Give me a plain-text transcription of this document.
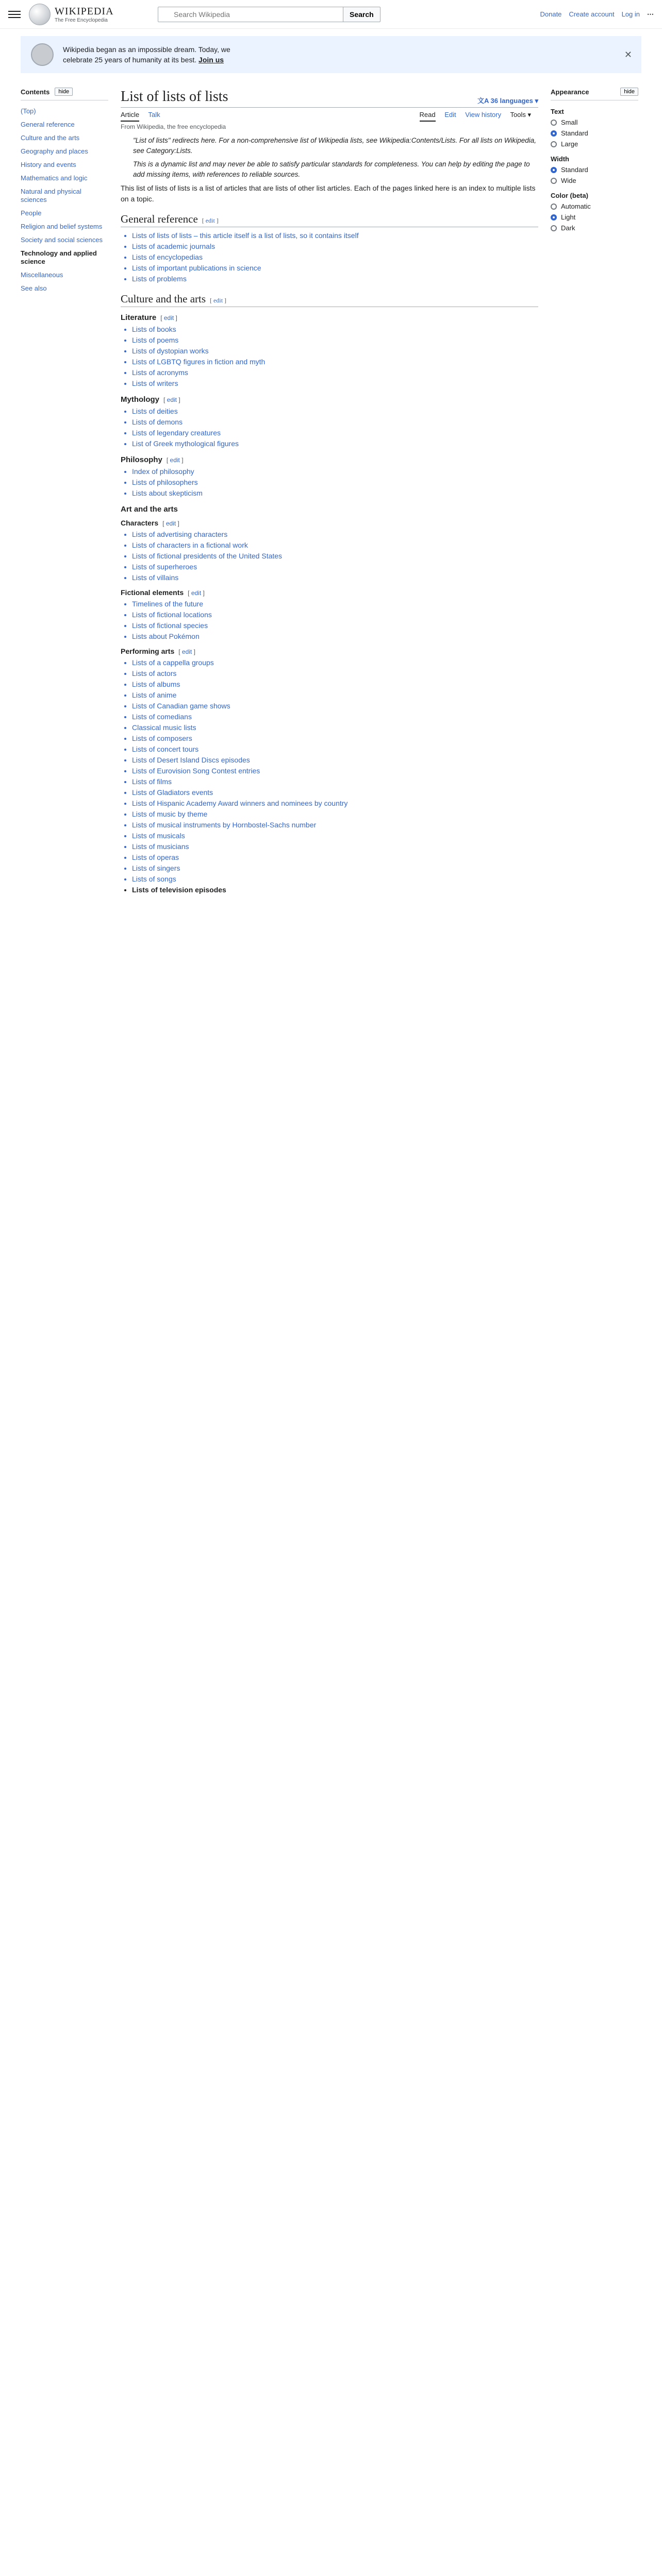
WIKIPEDIA
The Free Encyclopedia
Search Wikipedia
Search	Donate Create account Log in ⋯
Wikipedia began as an impossible dream. Today, we
celebrate 25 years of humanity at its best. Join us	✕
Contents	hide
(Top)
General reference
Culture and the arts
Geography and places
History and events
Mathematics and logic
Natural and physical sciences
People
Religion and belief systems
Society and social sciences
Technology and applied science
Miscellaneous
See also
List of lists of lists	文A 36 languages ▾
Article Talk	Read Edit View history Tools ▾
From Wikipedia, the free encyclopedia
"List of lists" redirects here. For a non-comprehensive list of Wikipedia lists, see Wikipedia:Contents/Lists. For all lists on Wikipedia, see Category:Lists.
This is a dynamic list and may never be able to satisfy particular standards for completeness. You can help by editing the page to add missing items, with references to reliable sources.

This list of lists of lists is a list of articles that are lists of other list articles. Each of the pages linked here is an index to multiple lists on a topic.

General reference [ edit ]
• Lists of lists of lists – this article itself is a list of lists, so it contains itself
• Lists of academic journals
• Lists of encyclopedias
• Lists of important publications in science
• Lists of problems
Culture and the arts [ edit ]
Literature [ edit ]
• Lists of books
• Lists of poems
• Lists of dystopian works
• Lists of LGBTQ figures in fiction and myth
• Lists of acronyms
• Lists of writers
Mythology [ edit ]
• Lists of deities
• Lists of demons
• Lists of legendary creatures
• List of Greek mythological figures
Philosophy [ edit ]
• Index of philosophy
• Lists of philosophers
• Lists about skepticism
Art and the arts
Characters [ edit ]
• Lists of advertising characters
• Lists of characters in a fictional work
• Lists of fictional presidents of the United States
• Lists of superheroes
• Lists of villains
Fictional elements [ edit ]
• Timelines of the future
• Lists of fictional locations
• Lists of fictional species
• Lists about Pokémon
Performing arts [ edit ]
• Lists of a cappella groups
• Lists of actors
• Lists of albums
• Lists of anime
• Lists of Canadian game shows
• Lists of comedians
• Classical music lists
• Lists of composers
• Lists of concert tours
• Lists of Desert Island Discs episodes
• Lists of Eurovision Song Contest entries
• Lists of films
• Lists of Gladiators events
• Lists of Hispanic Academy Award winners and nominees by country
• Lists of music by theme
• Lists of musical instruments by Hornbostel-Sachs number
• Lists of musicals
• Lists of musicians
• Lists of operas
• Lists of singers
• Lists of songs
• Lists of television episodes
Appearance	hide
Text
Small
Standard
Large
Width
Standard
Wide
Color (beta)
Automatic
Light
Dark
